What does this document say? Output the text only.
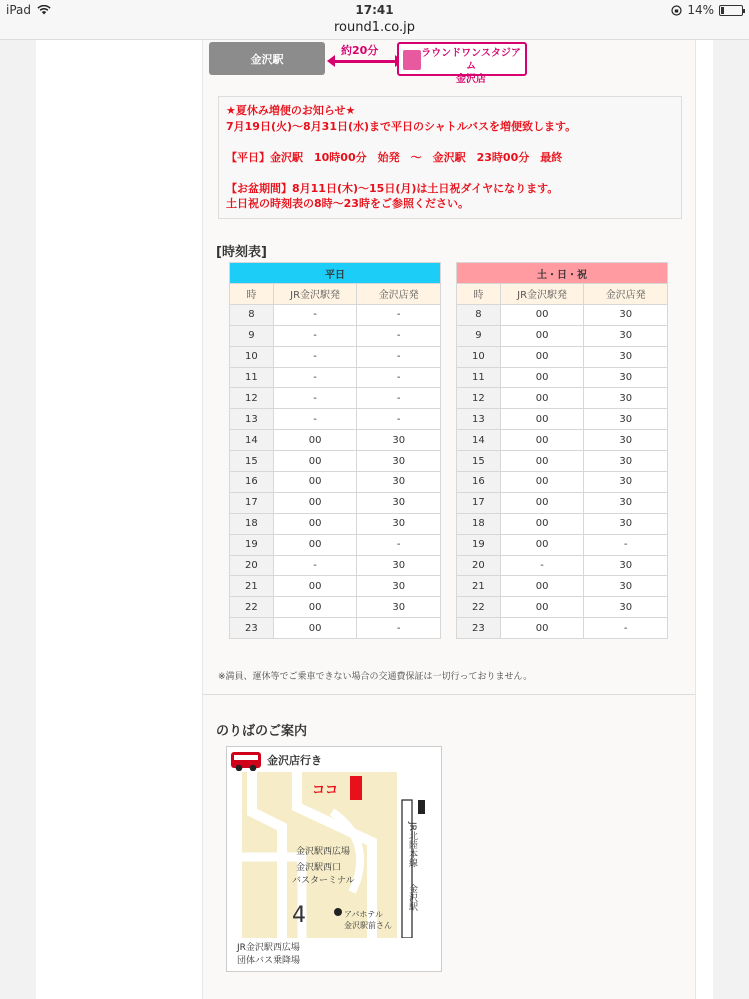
iPad	17:41	14%
round1.co.jp
金沢駅
約20分	ラウンドワンスタジアム
金沢店

★夏休み増便のお知らせ★

7月19日(火)〜8月31日(水)まで平日のシャトルバスを増便致します。

【平日】金沢駅　10時00分　始発　〜　金沢駅　23時00分　最終

【お盆期間】8月11日(木)〜15日(月)は土日祝ダイヤになります。

土日祝の時刻表の8時〜23時をご参照ください。

[時刻表]
平日		
時	JR金沢駅発	金沢店発
8	-	-
9	-	-
10	-	-
11	-	-
12	-	-
13	-	-
14	00	30
15	00	30
16	00	30
17	00	30
18	00	30
19	00	-
20	-	30
21	00	30
22	00	30
23	00	-
土・日・祝		
時	JR金沢駅発	金沢店発
8	00	30
9	00	30
10	00	30
11	00	30
12	00	30
13	00	30
14	00	30
15	00	30
16	00	30
17	00	30
18	00	30
19	00	-
20	-	30
21	00	30
22	00	30
23	00	-
※満員、運休等でご乗車できない場合の交通費保証は一切行っておりません。
のりばのご案内
金沢店行き
ココ
金沢駅西広場
金沢駅西口
バスターミナル
アパホテル
金沢駅前さん
4
JR北陸本線
金沢駅
JR金沢駅西広場
団体バス乗降場
